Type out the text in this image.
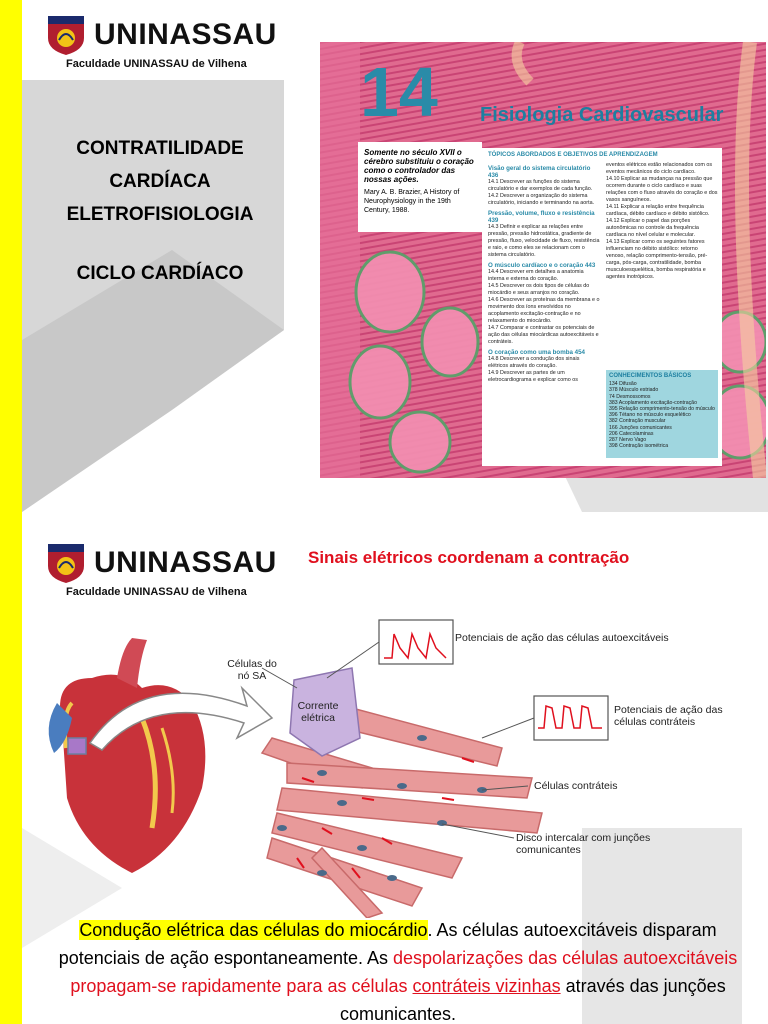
UNINASSAU
Faculdade UNINASSAU de Vilhena
CONTRATILIDADE
CARDÍACA
ELETROFISIOLOGIA
CICLO CARDÍACO
14 Fisiologia Cardiovascular
Somente no século XVII o cérebro substituiu o coração como o controlador das nossas ações.
Mary A. B. Brazier, A History of Neurophysiology in the 19th Century, 1988.
TÓPICOS ABORDADOS E OBJETIVOS DE APRENDIZAGEM
Visão geral do sistema circulatório 436
14.1 Descrever as funções do sistema circulatório e dar exemplos de cada função.
14.2 Descrever a organização do sistema circulatório, iniciando e terminando na aorta.
Pressão, volume, fluxo e resistência 439
14.3 Definir e explicar as relações entre pressão, pressão hidrostática, gradiente de pressão, fluxo, velocidade de fluxo, resistência e raio, e como eles se relacionam com o sistema circulatório.
O músculo cardíaco e o coração 443
14.4 Descrever em detalhes a anatomia interna e externa do coração.
14.5 Descrever os dois tipos de células do miocárdio e seus arranjos no coração.
14.6 Descrever as proteínas da membrana e o movimento dos íons envolvidos no acoplamento excitação-contração e no relaxamento do miocárdio.
14.7 Comparar e contrastar os potenciais de ação das células miocárdicas autoexcitáveis e contráteis.
O coração como uma bomba 454
14.8 Descrever a condução dos sinais elétricos através do coração.
14.9 Descrever as partes de um eletrocardiograma e explicar como os
eventos elétricos estão relacionados com os eventos mecânicos do ciclo cardíaco.
14.10 Explicar as mudanças na pressão que ocorrem durante o ciclo cardíaco e suas relações com o fluxo através do coração e dos vasos sanguíneos.
14.11 Explicar a relação entre frequência cardíaca, débito cardíaco e débito sistólico.
14.12 Explicar o papel das porções autonômicas no controle da frequência cardíaca no nível celular e molecular.
14.13 Explicar como os seguintes fatores influenciam no débito sistólico: retorno venoso, relação comprimento-tensão, pré-carga, pós-carga, contratilidade, bomba musculoesquelética, bomba respiratória e agentes inotrópicos.
CONHECIMENTOS BÁSICOS
134 Difusão
378 Músculo estriado
74 Desmossomos
383 Acoplamento excitação-contração
395 Relação comprimento-tensão do músculo
396 Tétano no músculo esquelético
382 Contração muscular
166 Junções comunicantes
206 Catecolaminas
287 Nervo Vago
398 Contração isométrica
UNINASSAU
Faculdade UNINASSAU de Vilhena
Sinais elétricos coordenam a contração
Potenciais de ação das células autoexcitáveis
Células do nó SA
Corrente elétrica
Potenciais de ação das células contráteis
Células contráteis
Disco intercalar com junções comunicantes
Condução elétrica das células do miocárdio. As células autoexcitáveis disparam potenciais de ação espontaneamente. As despolarizações das células autoexcitáveis propagam-se rapidamente para as células contráteis vizinhas através das junções comunicantes.
